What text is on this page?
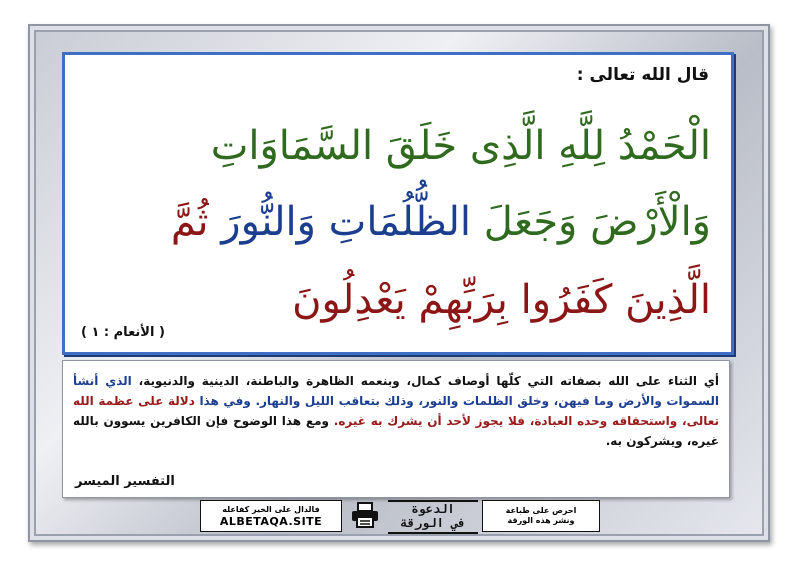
قال الله تعالى :
الْحَمْدُ لِلَّهِ الَّذِى خَلَقَ السَّمَاوَاتِ
وَالْأَرْضَ وَجَعَلَ الظُّلُمَاتِ وَالنُّورَ ثُمَّ
الَّذِينَ كَفَرُوا بِرَبِّهِمْ يَعْدِلُونَ
( الأنعام : ١ )
أي الثناء على الله بصفاته التي كلّها أوصاف كمال، وبنعمه الظاهرة والباطنة، الدينية والدنيوية، الذي أنشأ السموات والأرض وما فيهن، وخلق الظلمات والنور، وذلك بتعاقب الليل والنهار. وفي هذا دلالة على عظمة الله تعالى، واستحقاقه وحده العبادة، فلا يجوز لأحد أن يشرك به غيره. ومع هذا الوضوح فإن الكافرين يسوون بالله غيره، ويشركون به.
التفسير الميسر
فالدال على الخير كفاعله
ALBETAQA.SITE
الدعوة
في الورقة
احرص على طباعة
ونشر هذه الورقة
